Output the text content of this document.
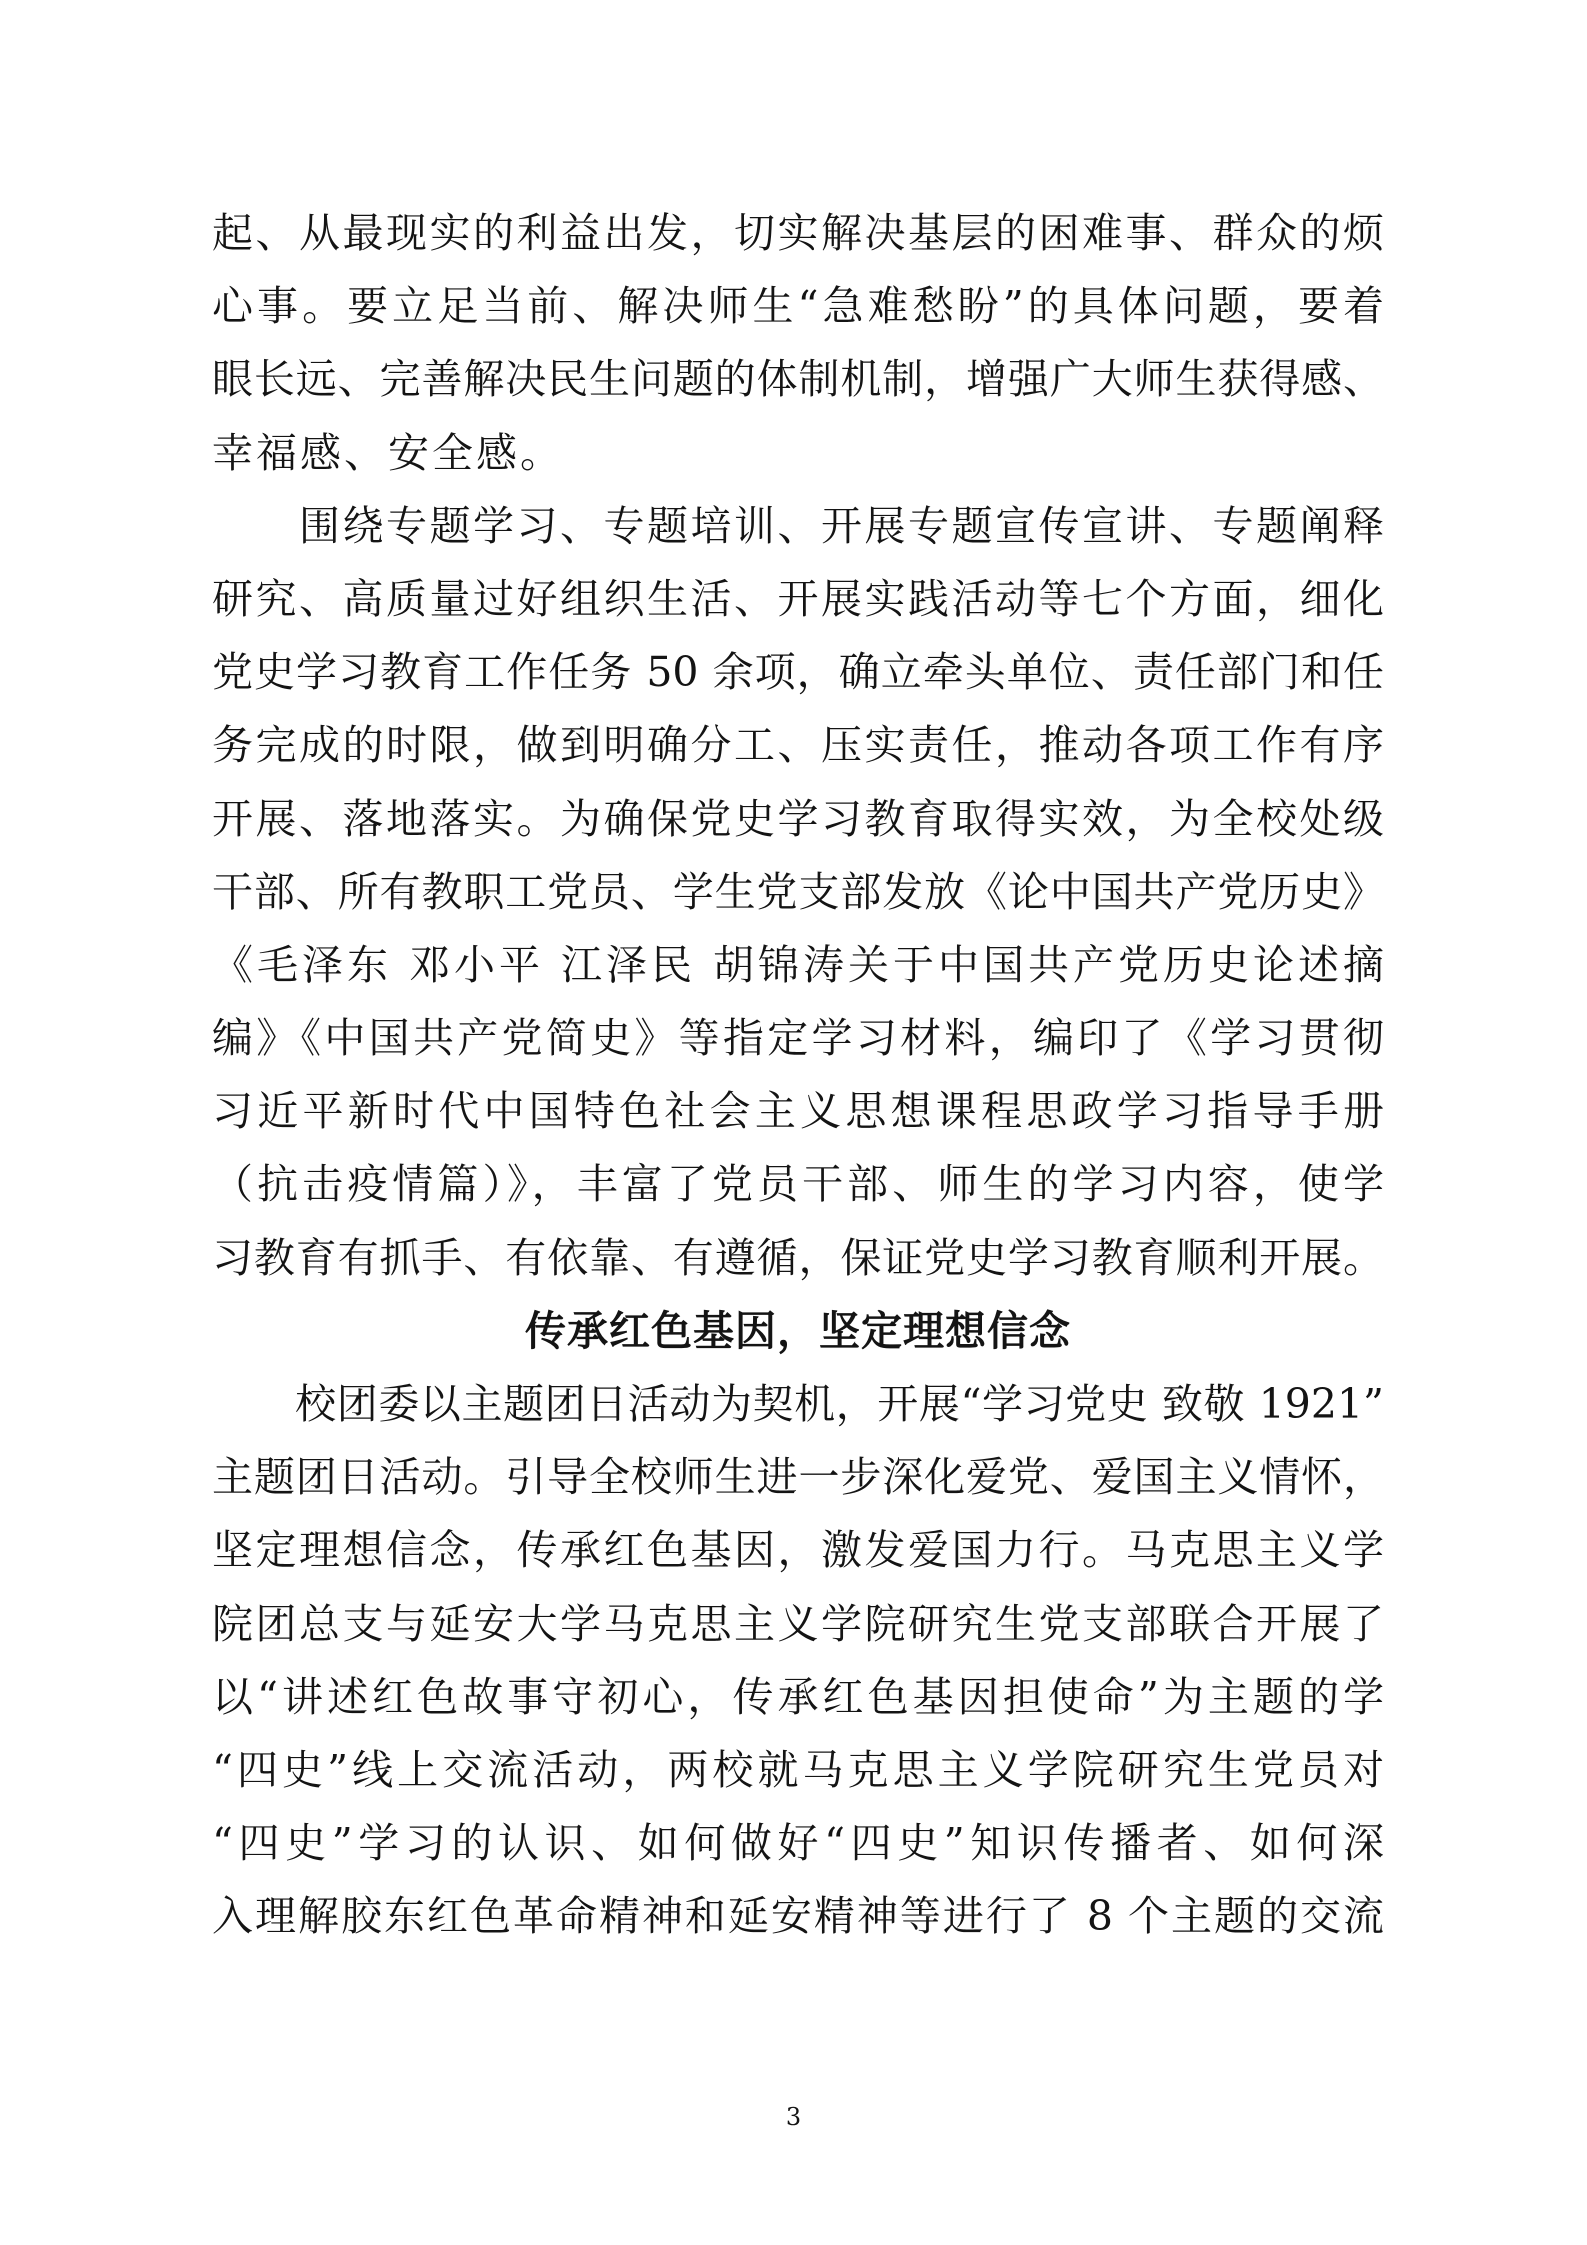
起、从最现实的利益出发，切实解决基层的困难事、群众的烦
心事。要立足当前、解决师生“急难愁盼”的具体问题，要着
眼长远、完善解决民生问题的体制机制，增强广大师生获得感、
幸福感、安全感。
　　围绕专题学习、专题培训、开展专题宣传宣讲、专题阐释
研究、高质量过好组织生活、开展实践活动等七个方面，细化
党史学习教育工作任务 50 余项，确立牵头单位、责任部门和任
务完成的时限，做到明确分工、压实责任，推动各项工作有序
开展、落地落实。为确保党史学习教育取得实效，为全校处级
干部、所有教职工党员、学生党支部发放《论中国共产党历史》
《毛泽东 邓小平 江泽民 胡锦涛关于中国共产党历史论述摘
编》《中国共产党简史》等指定学习材料，编印了《学习贯彻
习近平新时代中国特色社会主义思想课程思政学习指导手册
（抗击疫情篇）》，丰富了党员干部、师生的学习内容，使学
习教育有抓手、有依靠、有遵循，保证党史学习教育顺利开展。
传承红色基因，坚定理想信念
　　校团委以主题团日活动为契机，开展“学习党史 致敬 1921”
主题团日活动。引导全校师生进一步深化爱党、爱国主义情怀，
坚定理想信念，传承红色基因，激发爱国力行。马克思主义学
院团总支与延安大学马克思主义学院研究生党支部联合开展了
以“讲述红色故事守初心，传承红色基因担使命”为主题的学
“四史”线上交流活动，两校就马克思主义学院研究生党员对
“四史”学习的认识、如何做好“四史”知识传播者、如何深
入理解胶东红色革命精神和延安精神等进行了 8 个主题的交流
3
